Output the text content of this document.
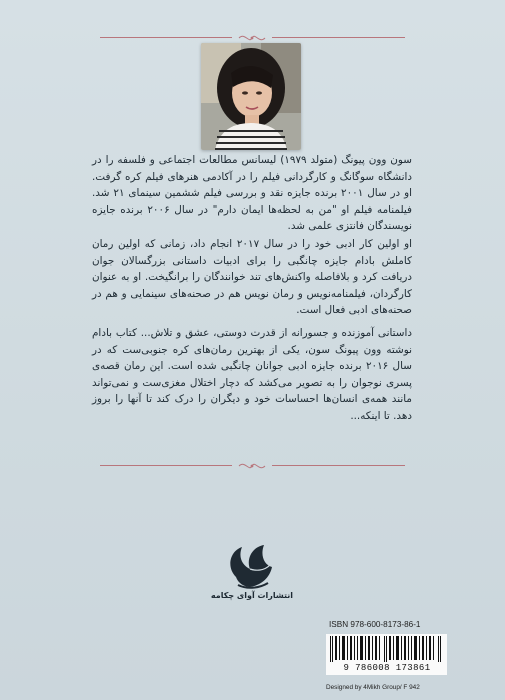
سون وون پیونگ (متولد ۱۹۷۹) لیسانس مطالعات اجتماعی و فلسفه را در دانشگاه سوگانگ و کارگردانی فیلم را در آکادمی هنرهای فیلم کره گرفت. او در سال ۲۰۰۱ برنده جایزه نقد و بررسی فیلم ششمین سینمای ۲۱ شد. فیلمنامه فیلم او "من به لحظه‌ها ایمان دارم" در سال ۲۰۰۶ برنده جایزه نویسندگان فانتزی علمی شد.
او اولین کار ادبی خود را در سال ۲۰۱۷ انجام داد، زمانی که اولین رمان کاملش بادام جایزه چانگبی را برای ادبیات داستانی بزرگسالان جوان دریافت کرد و بلافاصله واکنش‌های تند خوانندگان را برانگیخت. او به عنوان کارگردان، فیلمنامه‌نویس و رمان نویس هم در صحنه‌های سینمایی و هم در صحنه‌های ادبی فعال است.
داستانی آموزنده و جسورانه از قدرت دوستی، عشق و تلاش... کتاب بادام نوشته وون پیونگ سون، یکی از بهترین رمان‌های کره جنوبی‌ست که در سال ۲۰۱۶ برنده جایزه ادبی جوانان چانگبی شده است. این رمان قصه‌ی پسری نوجوان را به تصویر می‌کشد که دچار اختلال مغزی‌ست و نمی‌تواند مانند همه‌ی انسان‌ها احساسات خود و دیگران را درک کند تا آنها را بروز دهد. تا اینکه...
انتشارات آوای چکامه
ISBN 978-600-8173-86-1
9 786008 173861
Designed by 4Mikh Group/ F 942
